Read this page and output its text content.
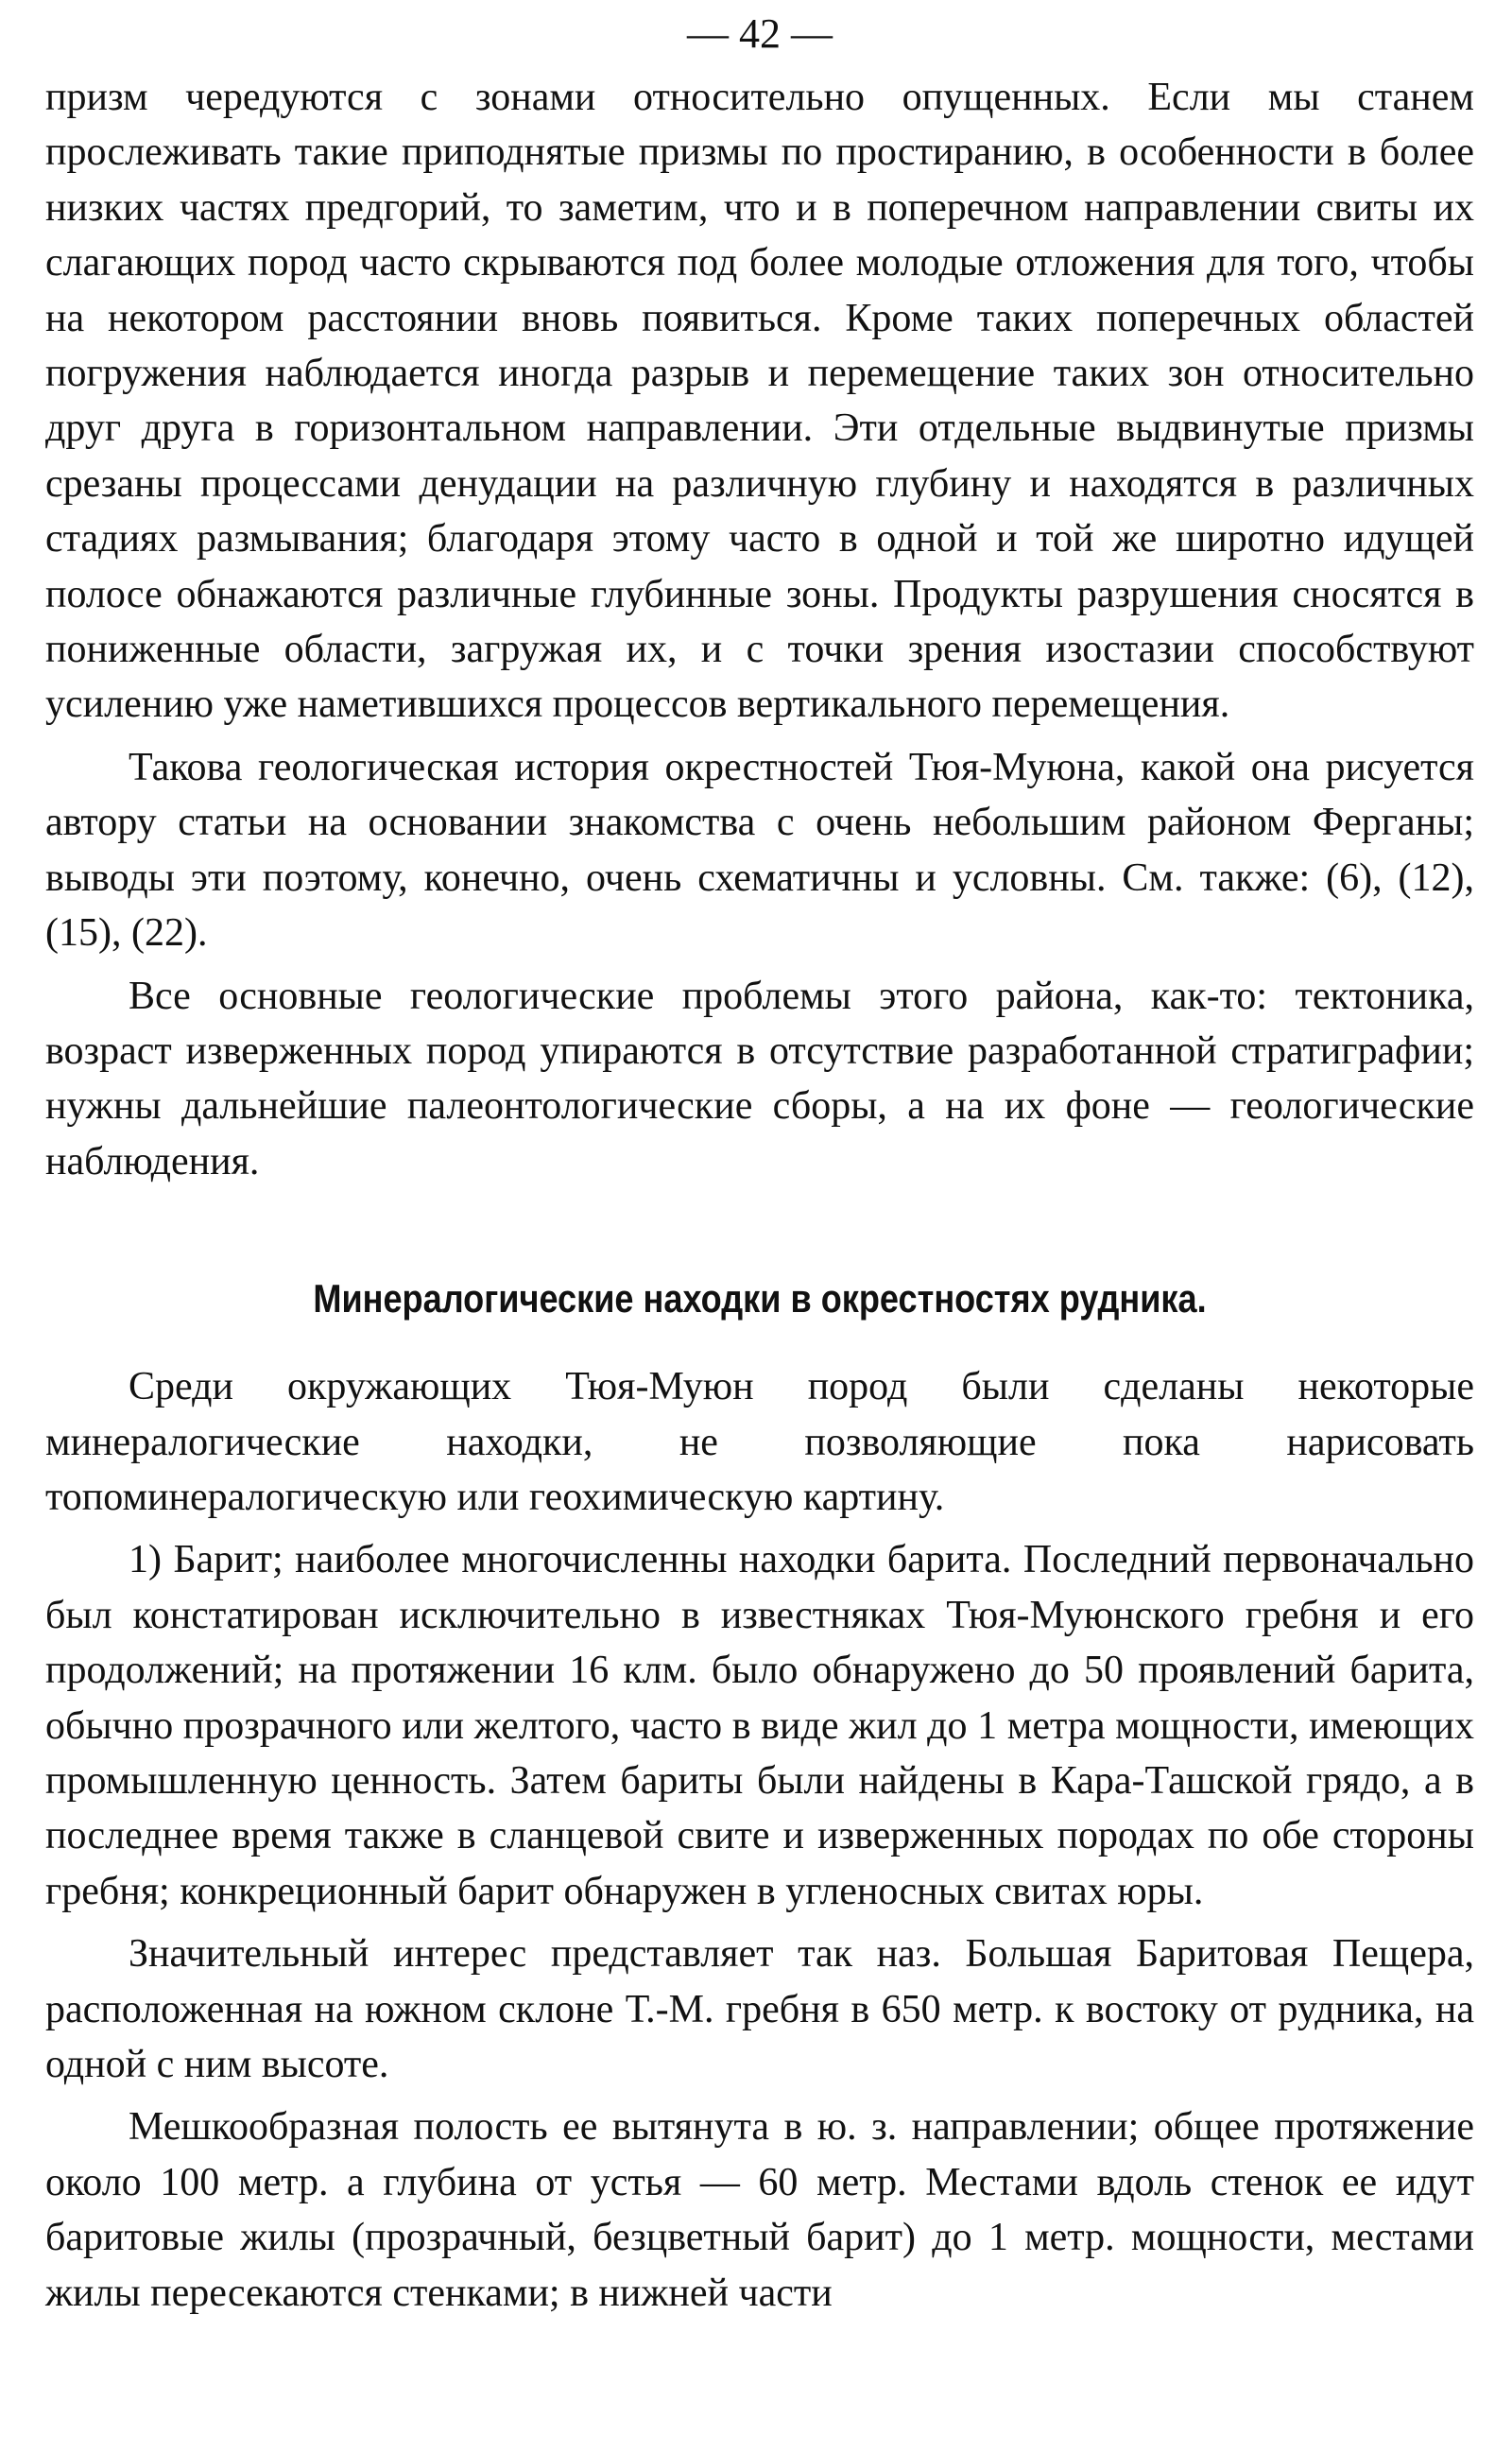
— 42 —

призм чередуются с зонами относительно опущенных. Если мы станем прослеживать такие приподнятые призмы по простиранию, в особенности в более низких частях предгорий, то заметим, что и в поперечном направлении свиты их слагающих пород часто скрываются под более молодые отложения для того, чтобы на некотором расстоянии вновь появиться. Кроме таких поперечных областей погружения наблюдается иногда разрыв и перемещение таких зон относительно друг друга в горизонтальном направлении. Эти отдельные выдвинутые призмы срезаны процессами денудации на различную глубину и находятся в различных стадиях размывания; благодаря этому часто в одной и той же широтно идущей полосе обнажаются различные глубинные зоны. Продукты разрушения сносятся в пониженные области, загружая их, и с точки зрения изостазии способствуют усилению уже наметившихся процессов вертикального перемещения.

Такова геологическая история окрестностей Тюя-Муюна, какой она рисуется автору статьи на основании знакомства с очень небольшим районом Ферганы; выводы эти поэтому, конечно, очень схематичны и условны. См. также: (6), (12), (15), (22).

Все основные геологические проблемы этого района, как-то: тектоника, возраст изверженных пород упираются в отсутствие разработанной стратиграфии; нужны дальнейшие палеонтологические сборы, а на их фоне — геологические наблюдения.

Минералогические находки в окрестностях рудника.

Среди окружающих Тюя-Муюн пород были сделаны некоторые минералогические находки, не позволяющие пока нарисовать топоминералогическую или геохимическую картину.

1) Барит; наиболее многочисленны находки барита. Последний первоначально был констатирован исключительно в известняках Тюя-Муюнского гребня и его продолжений; на протяжении 16 клм. было обнаружено до 50 проявлений барита, обычно прозрачного или желтого, часто в виде жил до 1 метра мощности, имеющих промышленную ценность. Затем бариты были найдены в Кара-Ташской грядо, а в последнее время также в сланцевой свите и изверженных породах по обе стороны гребня; конкреционный барит обнаружен в угленосных свитах юры.

Значительный интерес представляет так наз. Большая Баритовая Пещера, расположенная на южном склоне Т.-М. гребня в 650 метр. к востоку от рудника, на одной с ним высоте.

Мешкообразная полость ее вытянута в ю. з. направлении; общее протяжение около 100 метр. а глубина от устья — 60 метр. Местами вдоль стенок ее идут баритовые жилы (прозрачный, безцветный барит) до 1 метр. мощности, местами жилы пересекаются стенками; в нижней части
